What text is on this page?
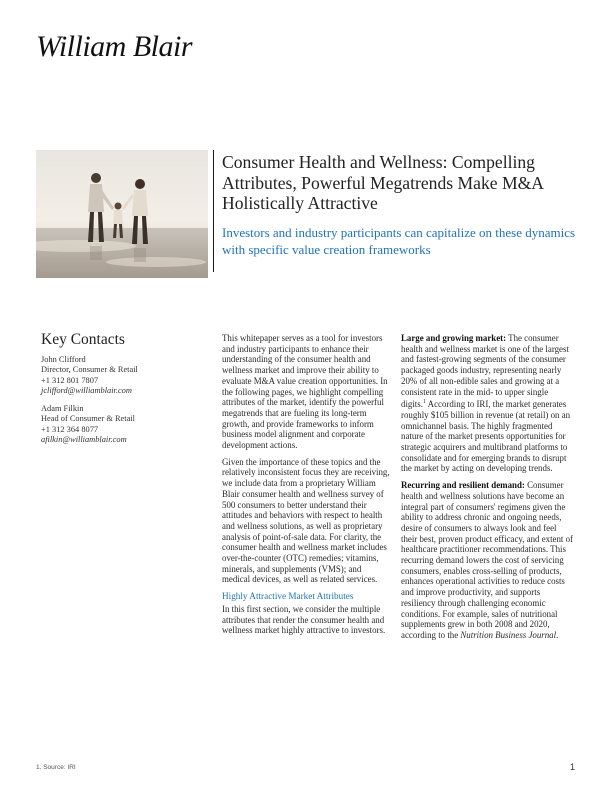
William Blair
Consumer Health and Wellness: Compelling Attributes, Powerful Megatrends Make M&A Holistically Attractive
Investors and industry participants can capitalize on these dynamics with specific value creation frameworks
Key Contacts
John Clifford
Director, Consumer & Retail
+1 312 801 7807
jclifford@williamblair.com
Adam Filkin
Head of Consumer & Retail
+1 312 364 8077
afilkin@williamblair.com

This whitepaper serves as a tool for investors and industry participants to enhance their understanding of the consumer health and wellness market and improve their ability to evaluate M&A value creation opportunities. In the following pages, we highlight compelling attributes of the market, identify the powerful megatrends that are fueling its long-term growth, and provide frameworks to inform business model alignment and corporate development actions.

Given the importance of these topics and the relatively inconsistent focus they are receiving, we include data from a proprietary William Blair consumer health and wellness survey of 500 consumers to better understand their attitudes and behaviors with respect to health and wellness solutions, as well as proprietary analysis of point-of-sale data. For clarity, the consumer health and wellness market includes over-the-counter (OTC) remedies; vitamins, minerals, and supplements (VMS); and medical devices, as well as related services.

Highly Attractive Market Attributes

In this first section, we consider the multiple attributes that render the consumer health and wellness market highly attractive to investors.

Large and growing market: The consumer health and wellness market is one of the largest and fastest-growing segments of the consumer packaged goods industry, representing nearly 20% of all non-edible sales and growing at a consistent rate in the mid- to upper single digits.$^1$ According to IRI, the market generates roughly $105 billion in revenue (at retail) on an omnichannel basis. The highly fragmented nature of the market presents opportunities for strategic acquirers and multibrand platforms to consolidate and for emerging brands to disrupt the market by acting on developing trends.

Recurring and resilient demand: Consumer health and wellness solutions have become an integral part of consumers' regimens given the ability to address chronic and ongoing needs, desire of consumers to always look and feel their best, proven product efficacy, and extent of healthcare practitioner recommendations. This recurring demand lowers the cost of servicing consumers, enables cross-selling of products, enhances operational activities to reduce costs and improve productivity, and supports resiliency through challenging economic conditions. For example, sales of nutritional supplements grew in both 2008 and 2020, according to the Nutrition Business Journal.

1. Source: IRI	1
